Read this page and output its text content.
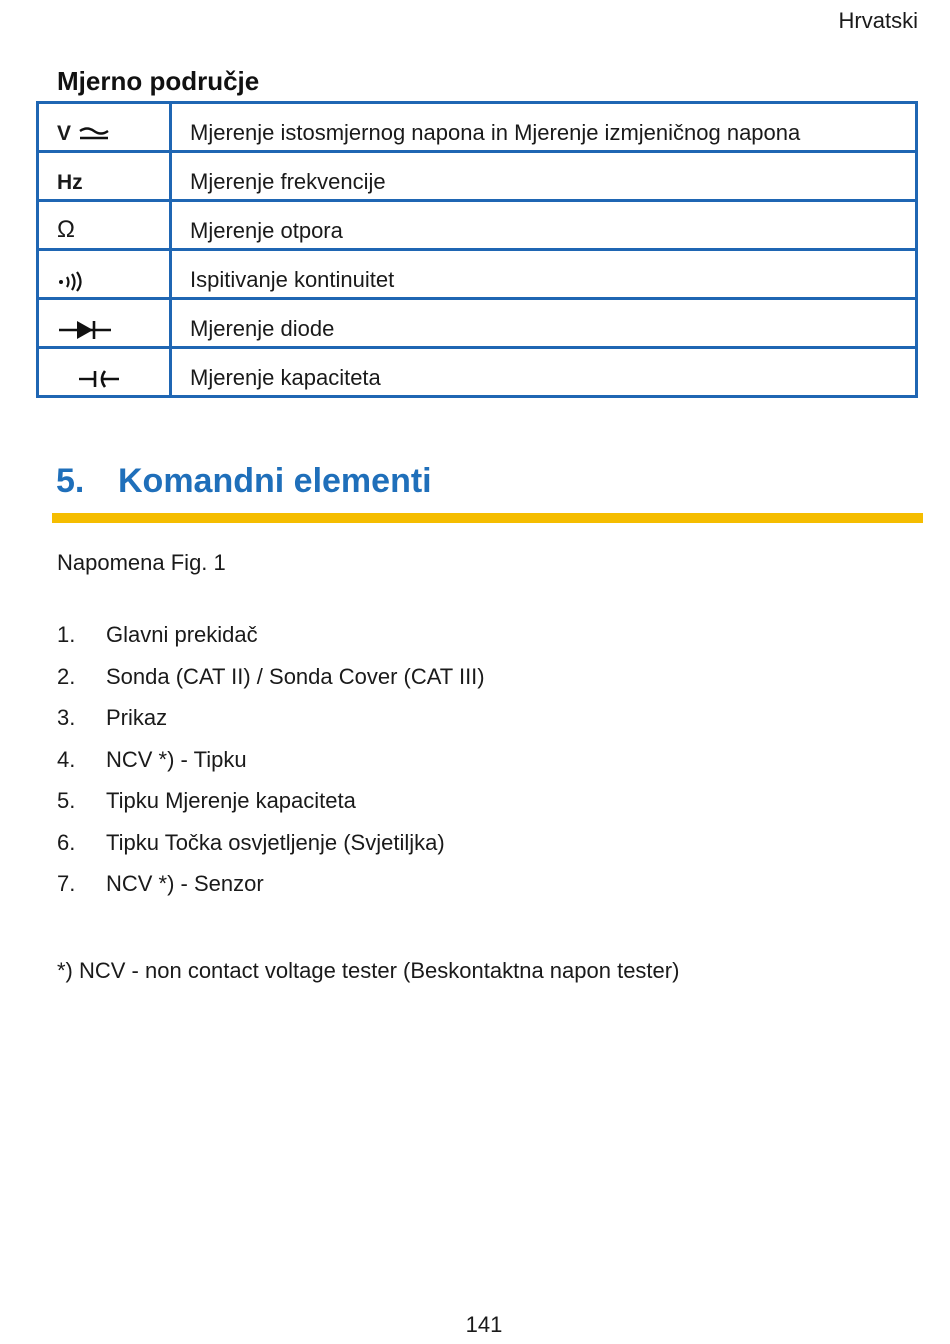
Hrvatski
Mjerno područje
V	Mjerenje istosmjernog napona in Mjerenje izmjeničnog napona
Hz	Mjerenje frekvencije
Ω	Mjerenje otpora
	Ispitivanje kontinuitet
	Mjerenje diode
	Mjerenje kapaciteta
5. Komandni elementi
Napomena Fig. 1
1.	Glavni prekidač
2.	Sonda (CAT II) / Sonda Cover (CAT III)
3.	Prikaz
4.	NCV *) - Tipku
5.	Tipku Mjerenje kapaciteta
6.	Tipku Točka osvjetljenje (Svjetiljka)
7.	NCV *) - Senzor
*) NCV - non contact voltage tester (Beskontaktna napon tester)
141
